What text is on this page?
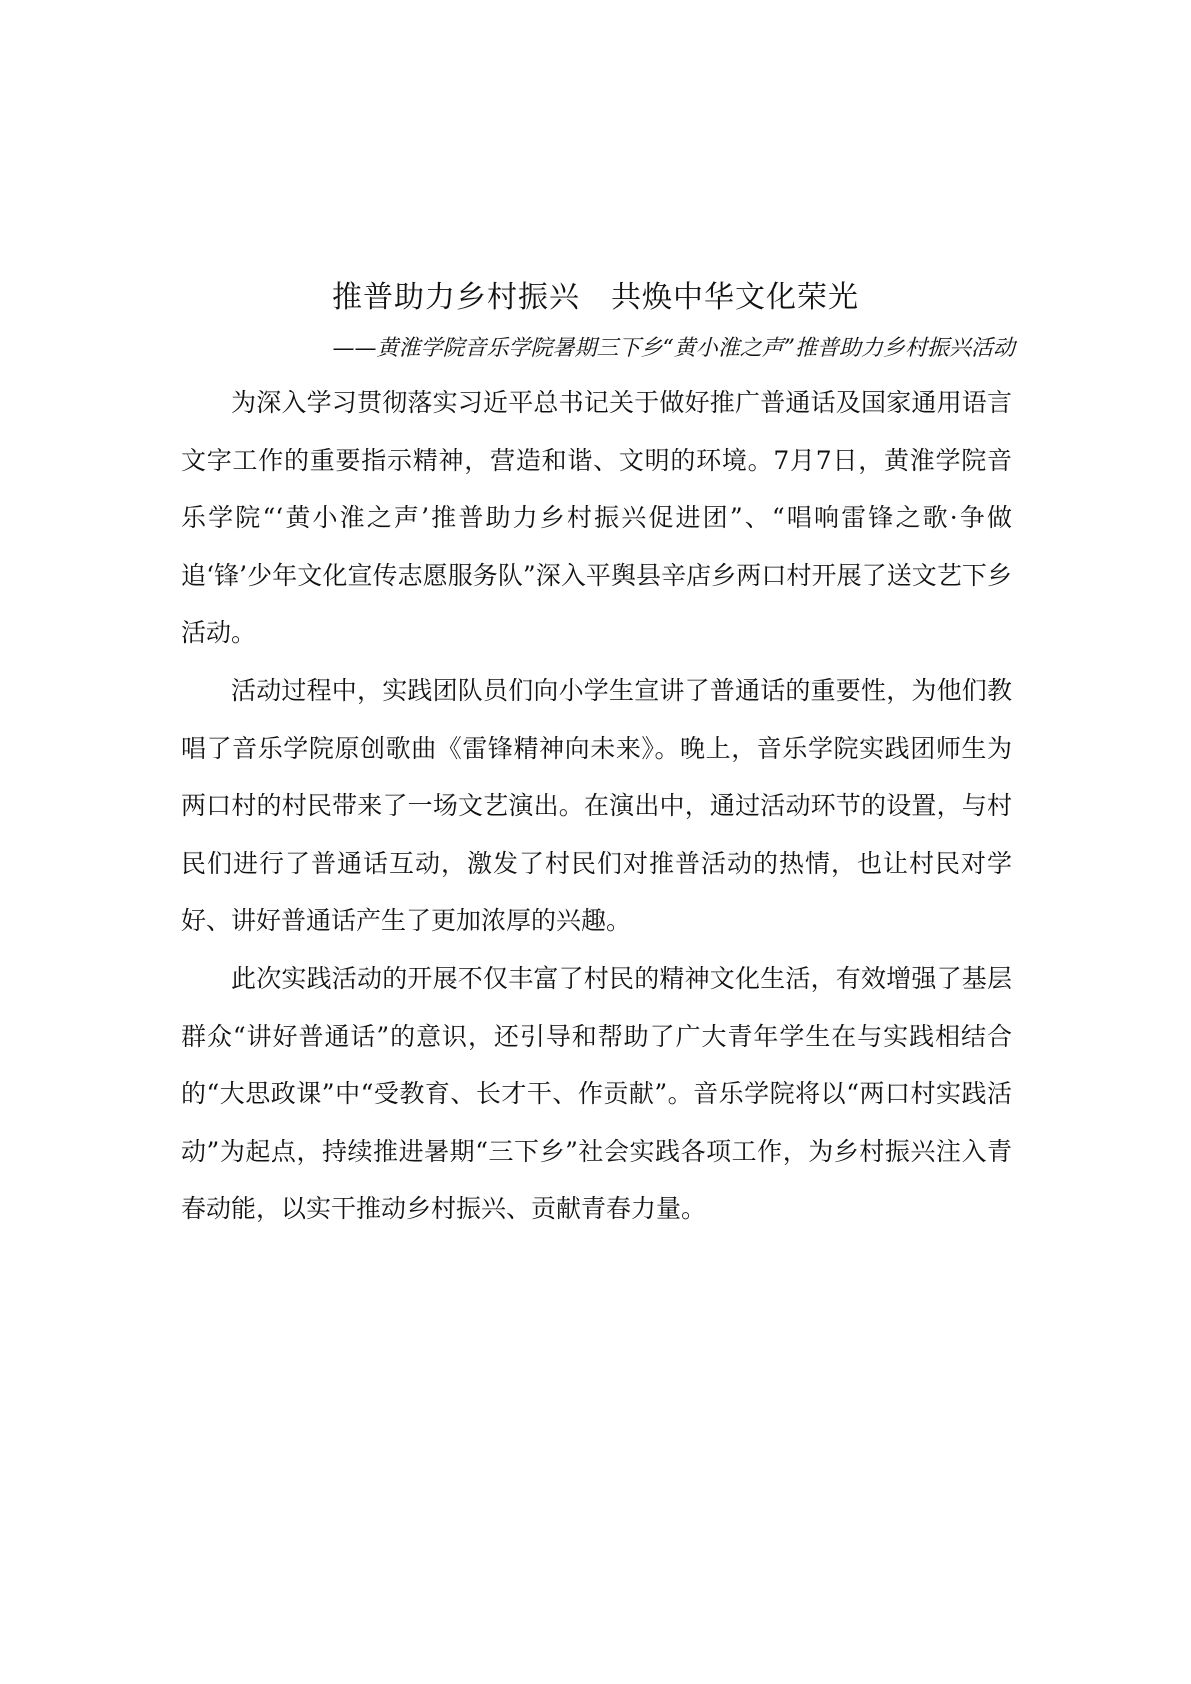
推普助力乡村振兴　共焕中华文化荣光
——黄淮学院音乐学院暑期三下乡“黄小淮之声”推普助力乡村振兴活动

为深入学习贯彻落实习近平总书记关于做好推广普通话及国家通用语言文字工作的重要指示精神，营造和谐、文明的环境。7月7日，黄淮学院音乐学院“‘黄小淮之声’推普助力乡村振兴促进团”、“唱响雷锋之歌·争做追‘锋’少年文化宣传志愿服务队”深入平舆县辛店乡两口村开展了送文艺下乡活动。

活动过程中，实践团队员们向小学生宣讲了普通话的重要性，为他们教唱了音乐学院原创歌曲《雷锋精神向未来》。晚上，音乐学院实践团师生为两口村的村民带来了一场文艺演出。在演出中，通过活动环节的设置，与村民们进行了普通话互动，激发了村民们对推普活动的热情，也让村民对学好、讲好普通话产生了更加浓厚的兴趣。

此次实践活动的开展不仅丰富了村民的精神文化生活，有效增强了基层群众“讲好普通话”的意识，还引导和帮助了广大青年学生在与实践相结合的“大思政课”中“受教育、长才干、作贡献”。音乐学院将以“两口村实践活动”为起点，持续推进暑期“三下乡”社会实践各项工作，为乡村振兴注入青春动能，以实干推动乡村振兴、贡献青春力量。
